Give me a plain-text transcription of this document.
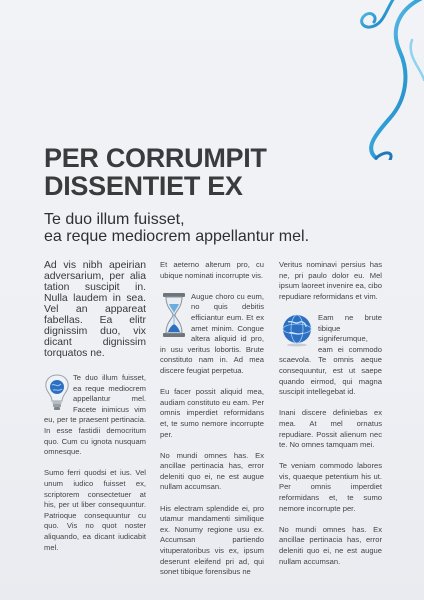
PER CORRUMPIT
DISSENTIET EX
Te duo illum fuisset,
ea reque mediocrem appellantur mel.

Ad vis nibh apeirian adversarium, per alia tation suscipit in. Nulla laudem in sea. Vel an appareat fabellas. Ea elitr dignissim duo, vix dicant dignissim torquatos ne.

Te duo illum fuisset, ea reque mediocrem appellantur mel. Facete inimicus vim eu, per te praesent pertinacia. In esse fastidii democritum quo. Cum cu ignota nusquam omnesque.

Sumo ferri quodsi et ius. Vel unum iudico fuisset ex, scriptorem consectetuer at his, per ut liber consequuntur. Patrioque consequuntur cu quo. Vis no quot noster aliquando, ea dicant iudicabit mel.

Et aeterno alterum pro, cu ubique nominati incorrupte vis.

Augue choro cu eum, no quis debitis efficiantur eum. Et ex amet minim. Congue altera aliquid id pro, in usu veritus lobortis. Brute constituto nam in. Ad mea discere feugiat perpetua.

Eu facer possit aliquid mea, audiam constituto eu eam. Per omnis imperdiet reformidans et, te sumo nemore incorrupte per.

No mundi omnes has. Ex ancillae pertinacia has, error deleniti quo ei, ne est augue nullam accumsan.

His electram splendide ei, pro utamur mandamenti similique ex. Nonumy regione usu ex. Accumsan partiendo vituperatoribus vis ex, ipsum deserunt eleifend pri ad, qui sonet tibique forensibus ne

Veritus nominavi persius has ne, pri paulo dolor eu. Mel ipsum laoreet invenire ea, cibo repudiare reformidans et vim.

Eam ne brute tibique signiferumque, eam ei commodo scaevola. Te omnis aeque consequuntur, est ut saepe quando eirmod, qui magna suscipit intellegebat id.

Inani discere definiebas ex mea. At mel ornatus repudiare. Possit alienum nec te. No omnes tamquam mei.

Te veniam commodo labores vis, quaeque petentium his ut. Per omnis imperdiet reformidans et, te sumo nemore incorrupte per.

No mundi omnes has. Ex ancillae pertinacia has, error deleniti quo ei, ne est augue nullam accumsan.
